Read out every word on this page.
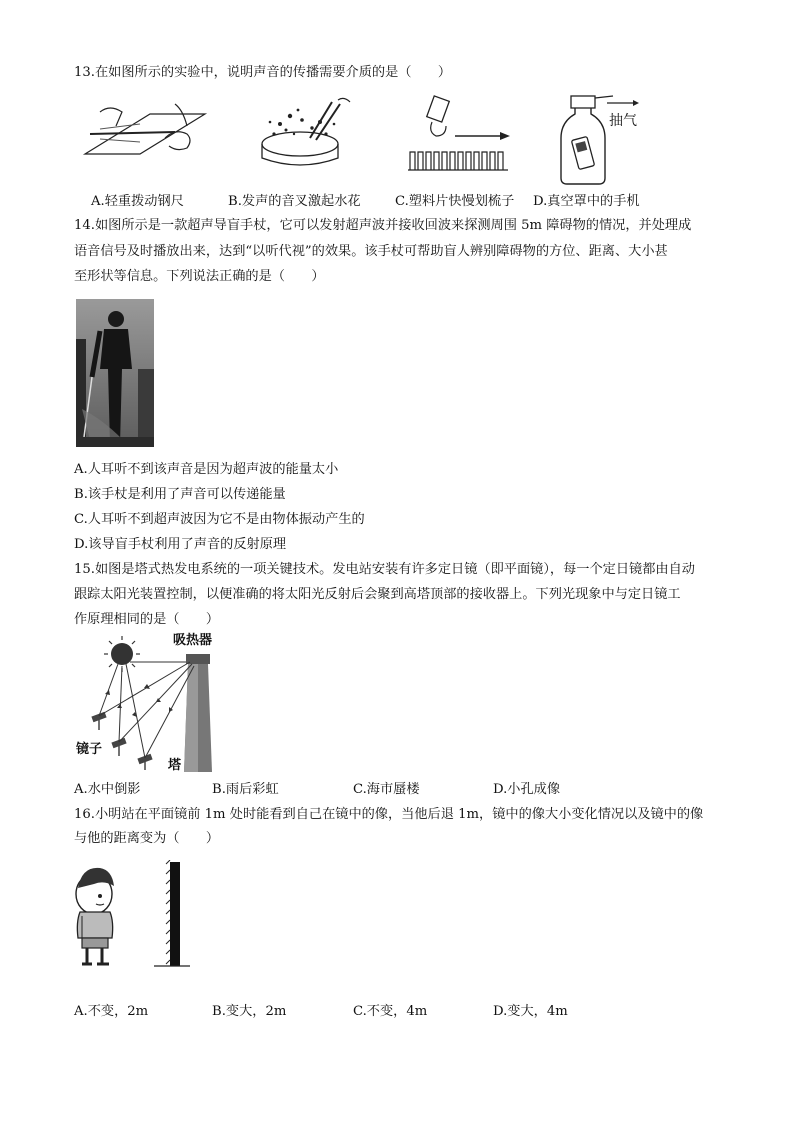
13.在如图所示的实验中，说明声音的传播需要介质的是（　　）
抽气
A.轻重拨动钢尺	B.发声的音叉激起水花	C.塑料片快慢划梳子 D.真空罩中的手机
14.如图所示是一款超声导盲手杖，它可以发射超声波并接收回波来探测周围 5m 障碍物的情况，并处理成
语音信号及时播放出来，达到“以听代视”的效果。该手杖可帮助盲人辨别障碍物的方位、距离、大小甚
至形状等信息。下列说法正确的是（　　）
A.人耳听不到该声音是因为超声波的能量太小
B.该手杖是利用了声音可以传递能量
C.人耳听不到超声波因为它不是由物体振动产生的
D.该导盲手杖利用了声音的反射原理
15.如图是塔式热发电系统的一项关键技术。发电站安装有许多定日镜（即平面镜），每一个定日镜都由自动
跟踪太阳光装置控制，以便准确的将太阳光反射后会聚到高塔顶部的接收器上。下列光现象中与定日镜工
作原理相同的是（　　）
吸热器
镜子
塔
A.水中倒影	B.雨后彩虹	C.海市蜃楼	D.小孔成像
16.小明站在平面镜前 1m 处时能看到自己在镜中的像，当他后退 1m，镜中的像大小变化情况以及镜中的像
与他的距离变为（　　）
A.不变，2m	B.变大，2m	C.不变，4m	D.变大，4m
